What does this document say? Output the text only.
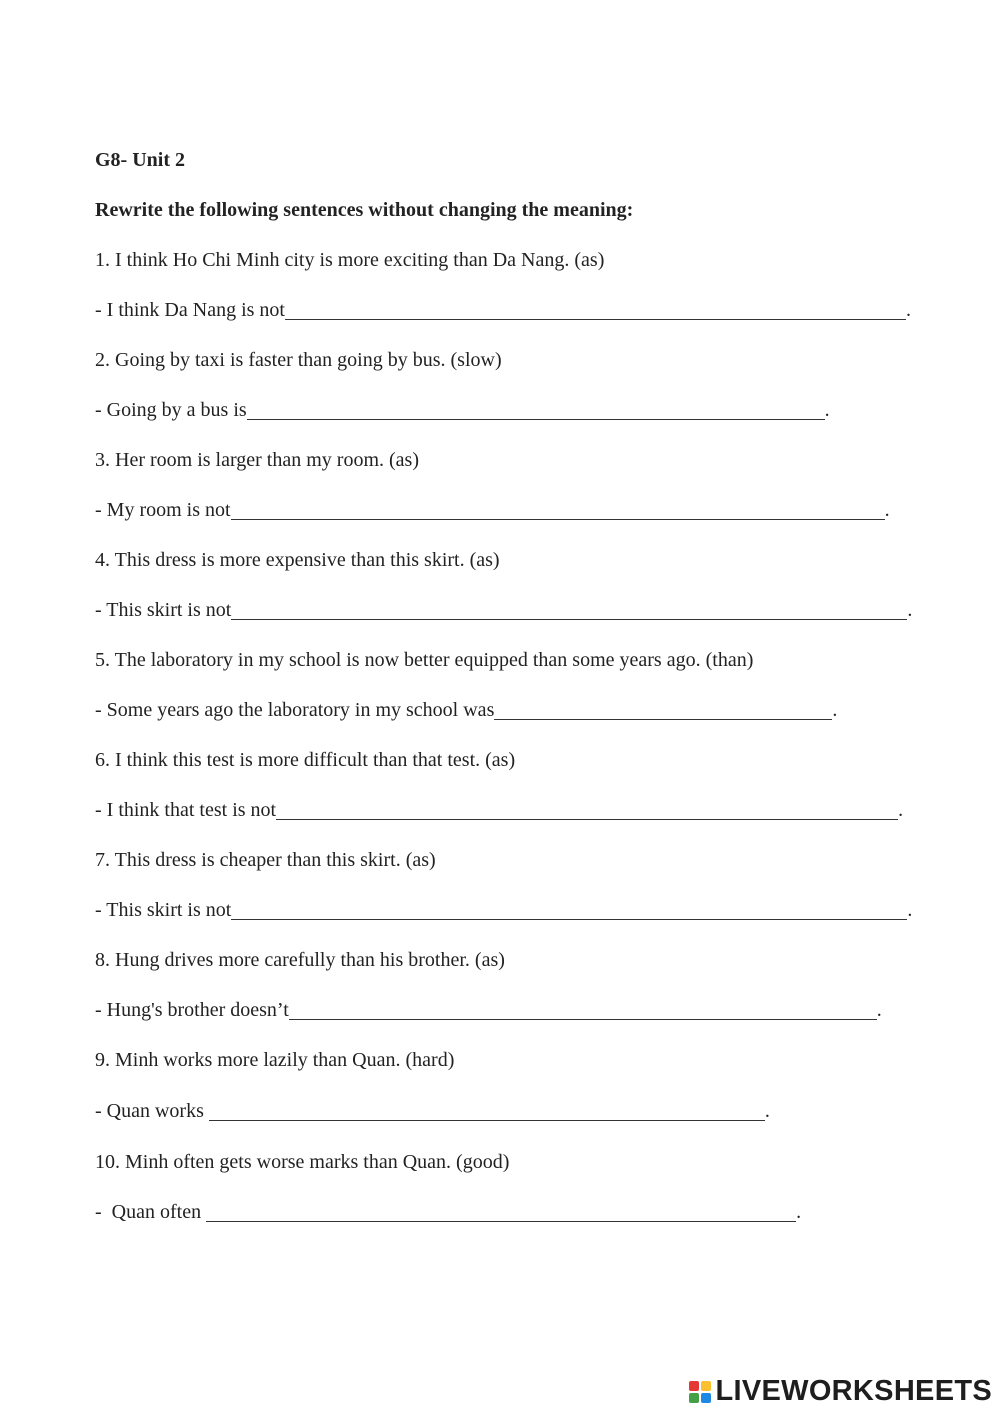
G8- Unit 2
Rewrite the following sentences without changing the meaning:
1. I think Ho Chi Minh city is more exciting than Da Nang. (as)
- I think Da Nang is not	.
2. Going by taxi is faster than going by bus. (slow)
- Going by a bus is	.
3. Her room is larger than my room. (as)
- My room is not	.
4. This dress is more expensive than this skirt. (as)
- This skirt is not	.
5. The laboratory in my school is now better equipped than some years ago. (than)
- Some years ago the laboratory in my school was	.
6. I think this test is more difficult than that test. (as)
- I think that test is not	.
7. This dress is cheaper than this skirt. (as)
- This skirt is not	.
8. Hung drives more carefully than his brother. (as)
- Hung's brother doesn’t	.
9. Minh works more lazily than Quan. (hard)
- Quan works	.
10. Minh often gets worse marks than Quan. (good)
-  Quan often	.
LIVEWORKSHEETS
